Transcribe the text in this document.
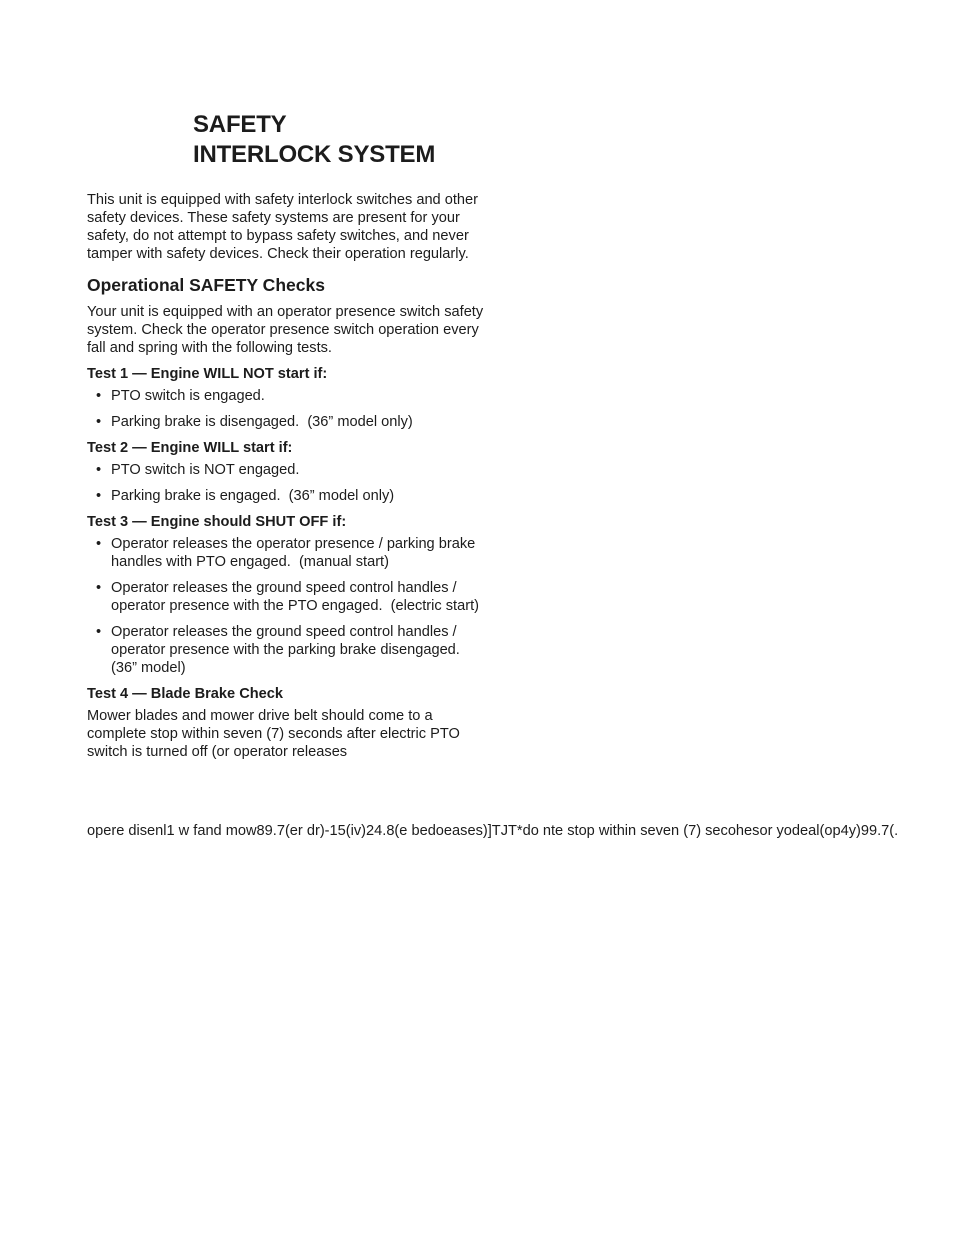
SAFETY
INTERLOCK SYSTEM

This unit is equipped with safety interlock switches and other safety devices. These safety systems are present for your safety, do not attempt to bypass safety switches, and never tamper with safety devices. Check their operation regularly.

Operational SAFETY Checks

Your unit is equipped with an operator presence switch safety system. Check the operator presence switch operation every fall and spring with the following tests.

Test 1 — Engine WILL NOT start if:
• PTO switch is engaged.
• Parking brake is disengaged.  (36” model only)
Test 2 — Engine WILL start if:
• PTO switch is NOT engaged.
• Parking brake is engaged.  (36” model only)
Test 3 — Engine should SHUT OFF if:
• Operator releases the operator presence / parking brake handles with PTO engaged.  (manual start)
• Operator releases the ground speed control handles / operator presence with the PTO engaged.  (electric start)
• Operator releases the ground speed control handles / operator presence with the parking brake disengaged.  (36” model)
Test 4 — Blade Brake Check

Mower blades and mower drive belt should come to a complete stop within seven (7) seconds after electric PTO switch is turned off (or operator releases

opere disenl1 w fand mow89.7(er dr)-15(iv)24.8(e bedoeases)]TJT*do nte stop within seven (7) secohesor yodeal(op4y)99.7(.
